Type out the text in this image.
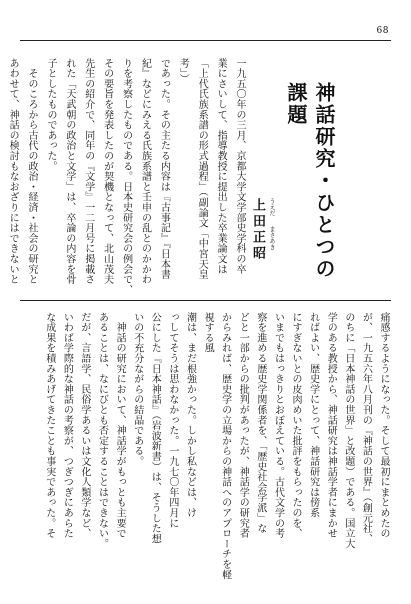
68
神話研究・ひとつの課題
上田正昭 うえだ
まさあき
一九五〇年の三月、京都大学文学部史学科の卒
業にさいして、指導教授に提出した卒業論文は
「上代氏族系譜の形式過程」（副論文「中宮天皇考」）
であった。その主たる内容は『古事記』『日本書
紀』などにみえる氏族系譜と壬申の乱とのかかわ
りを考察したものである。日本史研究会の例会で、
その要旨を発表したのが契機となって、北山茂夫
先生の紹介で、同年の『文学』一二月号に掲載さ
れた「天武朝の政治と文学」は、卒論の内容を骨
子としたものであった。
　そのころから古代の政治・経済・社会の研究と
あわせて、神話の検討もなおざりにはできないと
痛感するようになった。そして最初にまとめたの
が、一九五六年八月刊の『神話の世界』（創元社、
のちに「日本神話の世界」と改題）である。国立大
学のある教授から、神話研究は神話学者にまかせ
ればよい、歴史学にとって、神話研究は傍系
にすぎないとの皮肉めいた批評をもらったのを、
いまでもはっきりとおぼえている。古代文学の考
察を進める歴史学関係者を、「歴史社会学派」な
どと一部からの批判があったが、神話学の研究者
からみれば、歴史学の立場からの神話へのアプローチを軽視する風
潮は、まだ根強かった。しかし私などは、け
っしてそうは思わなかった。一九七〇年四月に
公にした『日本神話』（岩波新書）は、そうした想
いの不充分ながらの結晶である。
　神話の研究において、神話学がもっとも主要で
あることは、なにびとも否定することはできない。
だが、言語学、民俗学あるいは文化人類学など、
いわば学際的な神話の考察が、つぎつぎにあらた
な成果を積みあげてきたことも事実であった。そ
